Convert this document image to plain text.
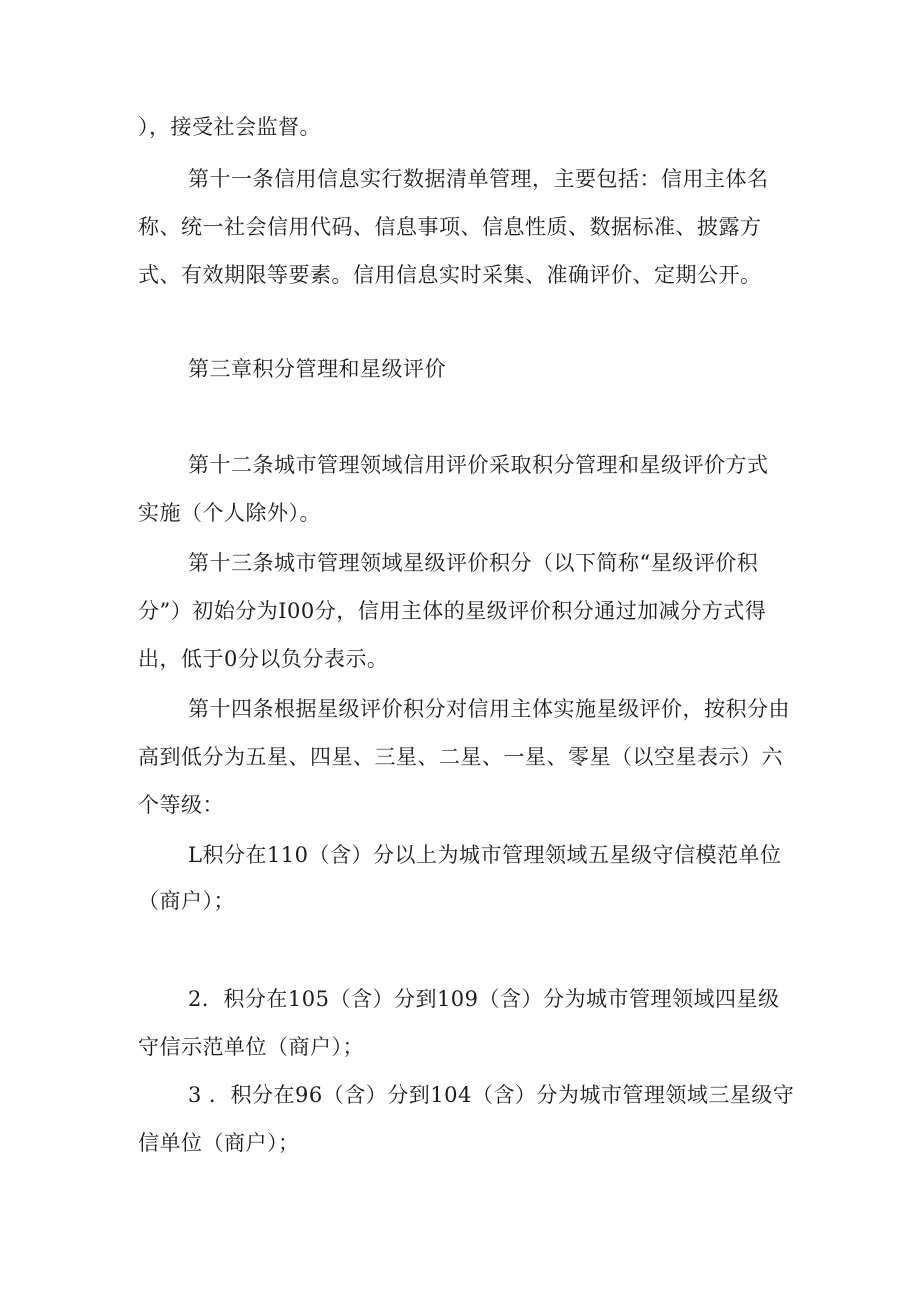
），接受社会监督。
第十一条信用信息实行数据清单管理，主要包括：信用主体名
称、统一社会信用代码、信息事项、信息性质、数据标准、披露方
式、有效期限等要素。信用信息实时采集、准确评价、定期公开。
第三章积分管理和星级评价
第十二条城市管理领域信用评价采取积分管理和星级评价方式
实施（个人除外）。
第十三条城市管理领域星级评价积分（以下简称“星级评价积
分”）初始分为I00分，信用主体的星级评价积分通过加减分方式得
出，低于0分以负分表示。
第十四条根据星级评价积分对信用主体实施星级评价，按积分由
高到低分为五星、四星、三星、二星、一星、零星（以空星表示）六
个等级：
L积分在110（含）分以上为城市管理领域五星级守信模范单位
（商户）；
2．积分在105（含）分到109（含）分为城市管理领域四星级
守信示范单位（商户）；
3 ．积分在96（含）分到104（含）分为城市管理领域三星级守
信单位（商户）；
